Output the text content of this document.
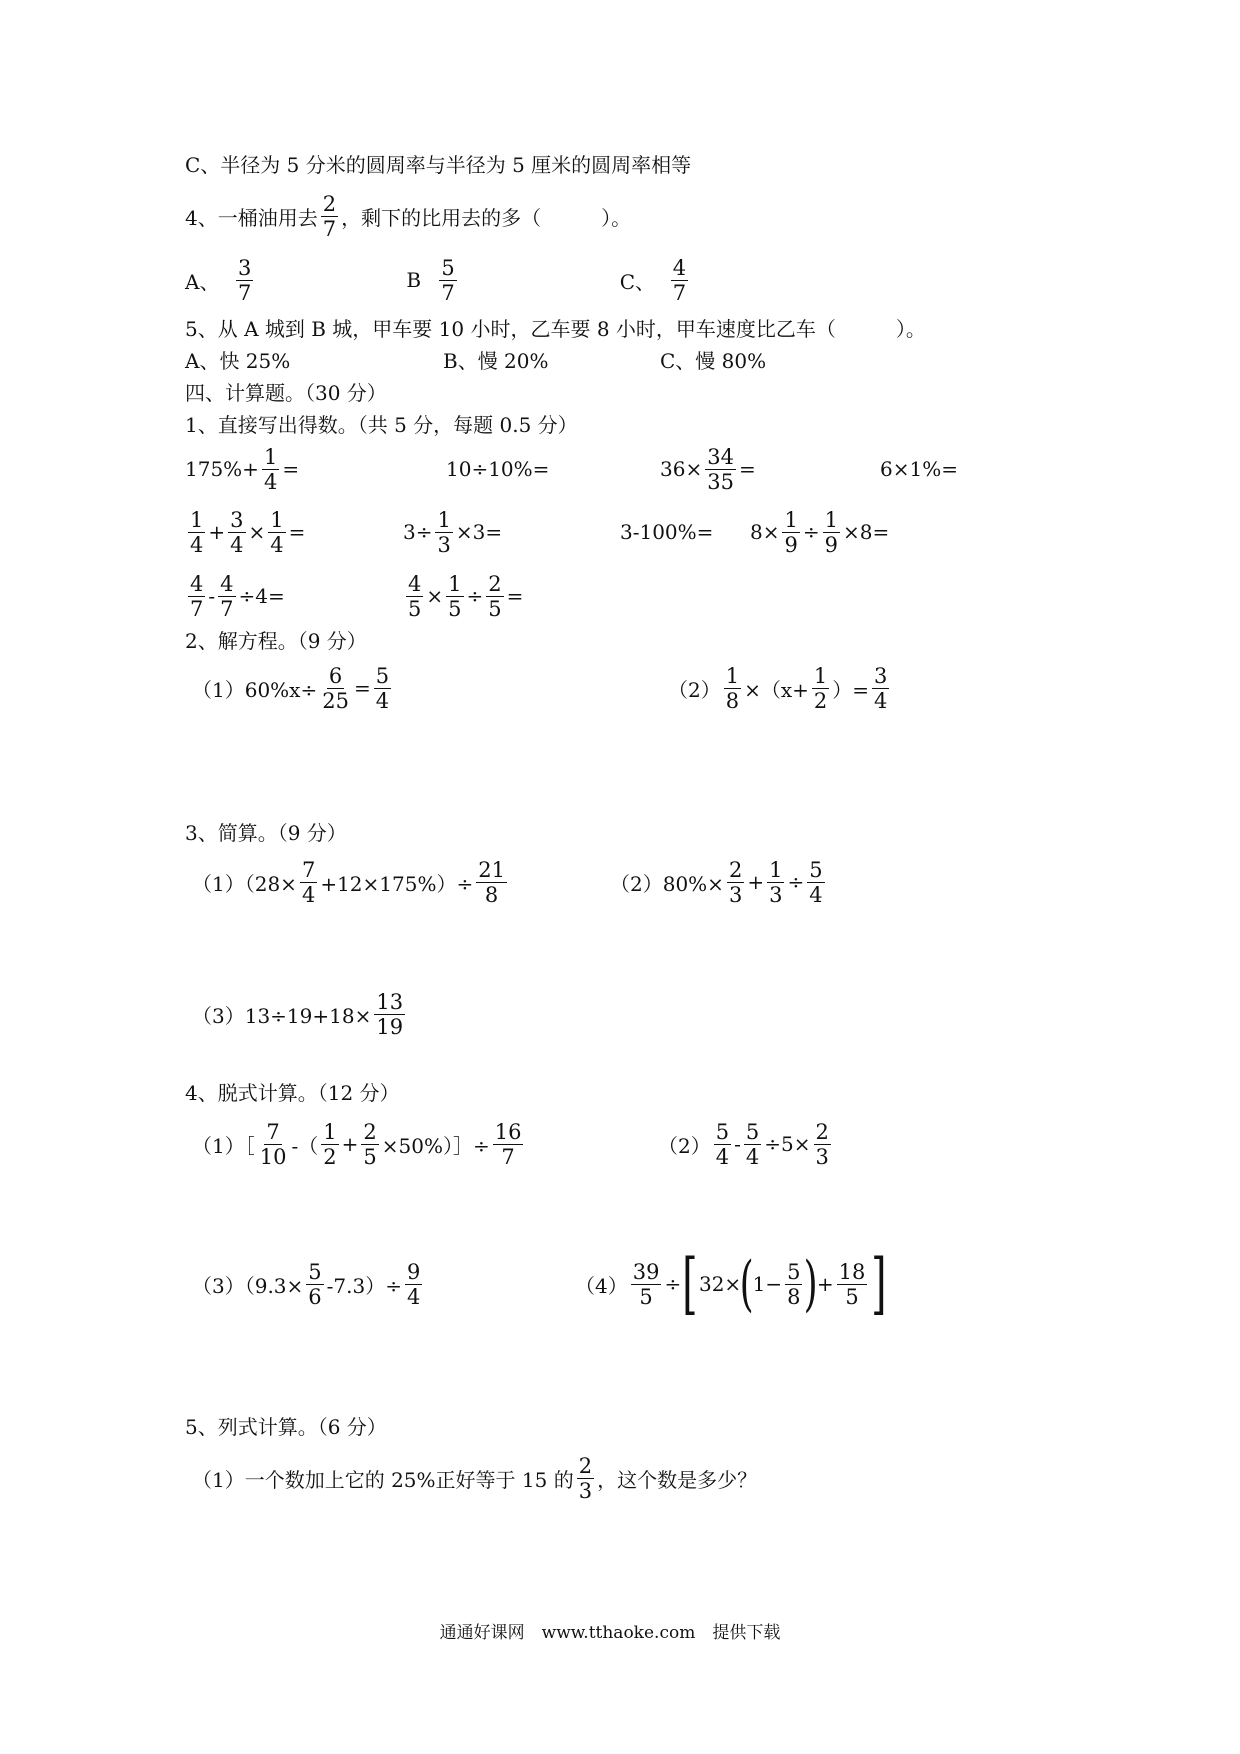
C、半径为 5 分米的圆周率与半径为 5 厘米的圆周率相等
4、一桶油用去 $\frac{2}{7}$ ，剩下的比用去的多（　　　）。
A、 $\frac{3}{7}$	B $\frac{5}{7}$	C、 $\frac{4}{7}$
5、从 A 城到 B 城，甲车要 10 小时，乙车要 8 小时，甲车速度比乙车（　　　）。
A、快 25%	B、慢 20%	C、慢 80%
四、计算题。（30 分）
1、直接写出得数。（共 5 分，每题 0.5 分）
$175\%+ \frac{1}{4}$ =	10÷10%=	$36\times \frac{34}{35}$ =	6×1%=
$\frac{1}{4} + \frac{3}{4} \times \frac{1}{4}$ =	$3\div \frac{1}{3} \times 3=$	$3-100\%= 8\times \frac{1}{9} \div \frac{1}{9} \times 8=$
$\frac{4}{7} - \frac{4}{7} \div 4=$	$\frac{4}{5} \times \frac{1}{5} \div \frac{2}{5}$ =
2、解方程。（9 分）
$(1)60\%x\div \frac{6}{25} = \frac{5}{4}$	$(2) \frac{1}{8} \times(x+ \frac{1}{2}$ ）= $\frac{3}{4}$
3、简算。（9 分）
$(1)(28\times \frac{7}{4} +12\times 175\%)\div \frac{21}{8}$	$(2)80\%\times \frac{2}{3} + \frac{1}{3} \div \frac{5}{4}$
$(3)13\div 19+18\times \frac{13}{19}$
4、脱式计算。（12 分）
（1）［ $\frac{7}{10}$ -（ $\frac{1}{2} + \frac{2}{5}$ ×50%）］÷ $\frac{16}{7}$	$(2) \frac{5}{4} - \frac{5}{4} \div 5\times \frac{2}{3}$
$(3)(9.3\times \frac{5}{6} -7.3)\div \frac{9}{4}$	$(4) \frac{39}{5}$ ÷ [ 32×
(
$1- \frac{5}{8}$ )
+ $\frac{18}{5}$ ]
5、列式计算。（6 分）
（1）一个数加上它的 25%正好等于 15 的 $\frac{2}{3}$ ，这个数是多少？
通通好课网　www.tthaoke.com　提供下载
